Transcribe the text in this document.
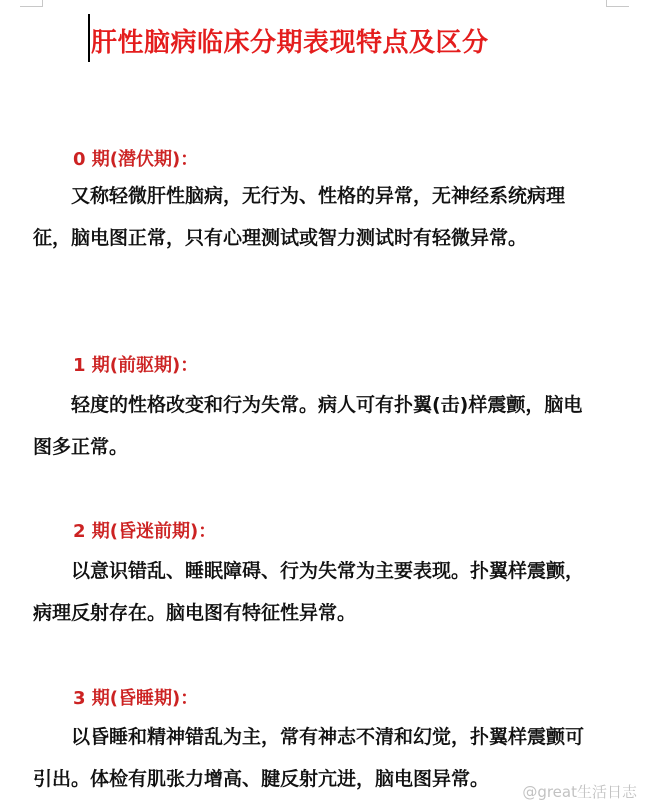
肝性脑病临床分期表现特点及区分
0 期(潜伏期)：

又称轻微肝性脑病，无行为、性格的异常，无神经系统病理征，脑电图正常，只有心理测试或智力测试时有轻微异常。

1 期(前驱期)：

轻度的性格改变和行为失常。病人可有扑翼(击)样震颤，脑电图多正常。

2 期(昏迷前期)：

以意识错乱、睡眠障碍、行为失常为主要表现。扑翼样震颤，病理反射存在。脑电图有特征性异常。

3 期(昏睡期)：

以昏睡和精神错乱为主，常有神志不清和幻觉，扑翼样震颤可引出。体检有肌张力增高、腱反射亢进，脑电图异常。

@great生活日志
